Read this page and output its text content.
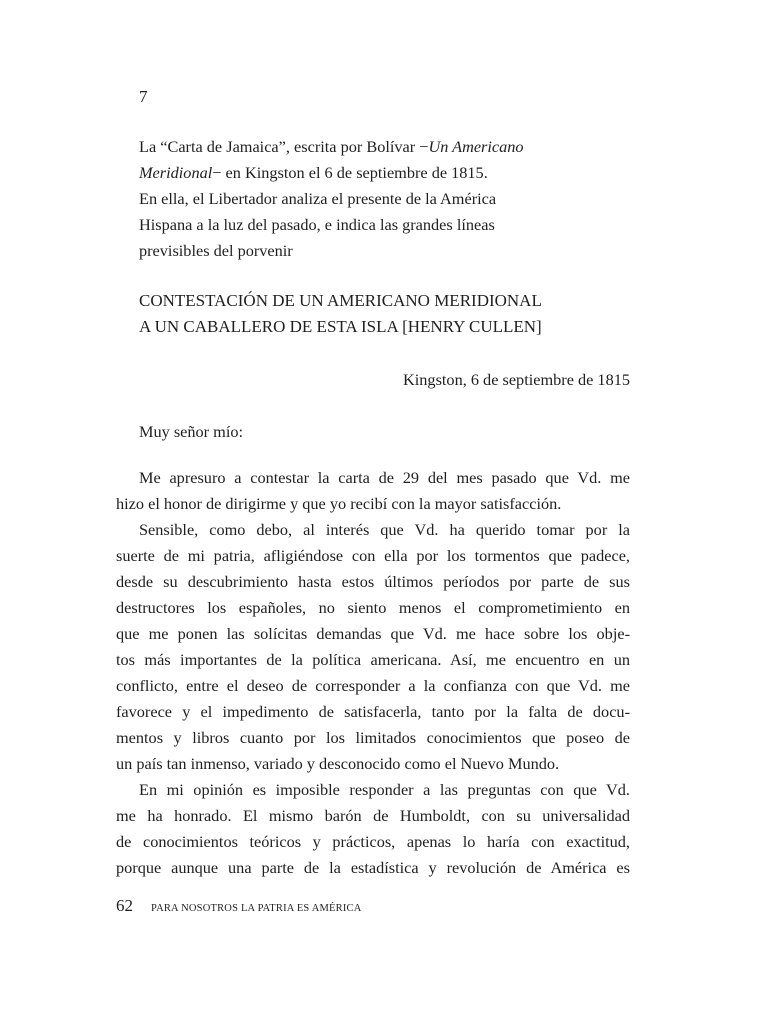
7
La “Carta de Jamaica”, escrita por Bolívar −Un Americano
Meridional− en Kingston el 6 de septiembre de 1815.
En ella, el Libertador analiza el presente de la América
Hispana a la luz del pasado, e indica las grandes líneas
previsibles del porvenir
CONTESTACIÓN DE UN AMERICANO MERIDIONAL
A UN CABALLERO DE ESTA ISLA [HENRY CULLEN]
Kingston, 6 de septiembre de 1815
Muy señor mío:
Me apresuro a contestar la carta de 29 del mes pasado que Vd. me
hizo el honor de dirigirme y que yo recibí con la mayor satisfacción.
Sensible, como debo, al interés que Vd. ha querido tomar por la
suerte de mi patria, afligiéndose con ella por los tormentos que padece,
desde su descubrimiento hasta estos últimos períodos por parte de sus
destructores los españoles, no siento menos el comprometimiento en
que me ponen las solícitas demandas que Vd. me hace sobre los obje-
tos más importantes de la política americana. Así, me encuentro en un
conflicto, entre el deseo de corresponder a la confianza con que Vd. me
favorece y el impedimento de satisfacerla, tanto por la falta de docu-
mentos y libros cuanto por los limitados conocimientos que poseo de
un país tan inmenso, variado y desconocido como el Nuevo Mundo.
En mi opinión es imposible responder a las preguntas con que Vd.
me ha honrado. El mismo barón de Humboldt, con su universalidad
de conocimientos teóricos y prácticos, apenas lo haría con exactitud,
porque aunque una parte de la estadística y revolución de América es
62 PARA NOSOTROS LA PATRIA ES AMÉRICA
